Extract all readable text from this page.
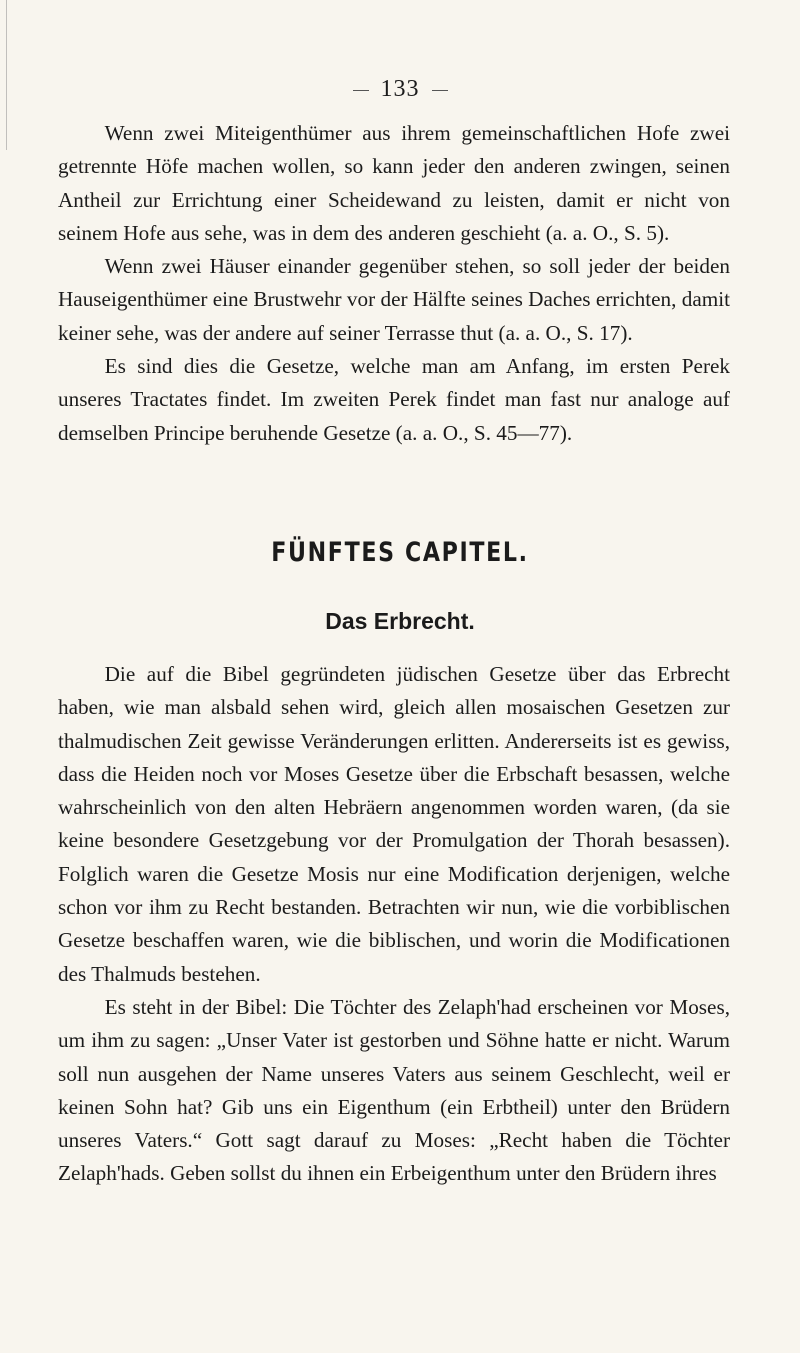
133

Wenn zwei Miteigenthümer aus ihrem gemeinschaftlichen Hofe zwei getrennte Höfe machen wollen, so kann jeder den anderen zwingen, seinen Antheil zur Errichtung einer Scheidewand zu leisten, damit er nicht von seinem Hofe aus sehe, was in dem des anderen geschieht (a. a. O., S. 5).

Wenn zwei Häuser einander gegenüber stehen, so soll jeder der beiden Hauseigenthümer eine Brustwehr vor der Hälfte seines Daches errichten, damit keiner sehe, was der andere auf seiner Terrasse thut (a. a. O., S. 17).

Es sind dies die Gesetze, welche man am Anfang, im ersten Perek unseres Tractates findet. Im zweiten Perek findet man fast nur analoge auf demselben Principe beruhende Gesetze (a. a. O., S. 45—77).

FÜNFTES CAPITEL.
Das Erbrecht.

Die auf die Bibel gegründeten jüdischen Gesetze über das Erbrecht haben, wie man alsbald sehen wird, gleich allen mosaischen Gesetzen zur thalmudischen Zeit gewisse Veränderungen erlitten. Andererseits ist es gewiss, dass die Heiden noch vor Moses Gesetze über die Erbschaft besassen, welche wahrscheinlich von den alten Hebräern angenommen worden waren, (da sie keine besondere Gesetzgebung vor der Promulgation der Thorah besassen). Folglich waren die Gesetze Mosis nur eine Modification derjenigen, welche schon vor ihm zu Recht bestanden. Betrachten wir nun, wie die vorbiblischen Gesetze beschaffen waren, wie die biblischen, und worin die Modificationen des Thalmuds bestehen.

Es steht in der Bibel: Die Töchter des Zelaph'had erscheinen vor Moses, um ihm zu sagen: „Unser Vater ist gestorben und Söhne hatte er nicht. Warum soll nun ausgehen der Name unseres Vaters aus seinem Geschlecht, weil er keinen Sohn hat? Gib uns ein Eigenthum (ein Erbtheil) unter den Brüdern unseres Vaters.“ Gott sagt darauf zu Moses: „Recht haben die Töchter Zelaph'hads. Geben sollst du ihnen ein Erbeigenthum unter den Brüdern ihres
